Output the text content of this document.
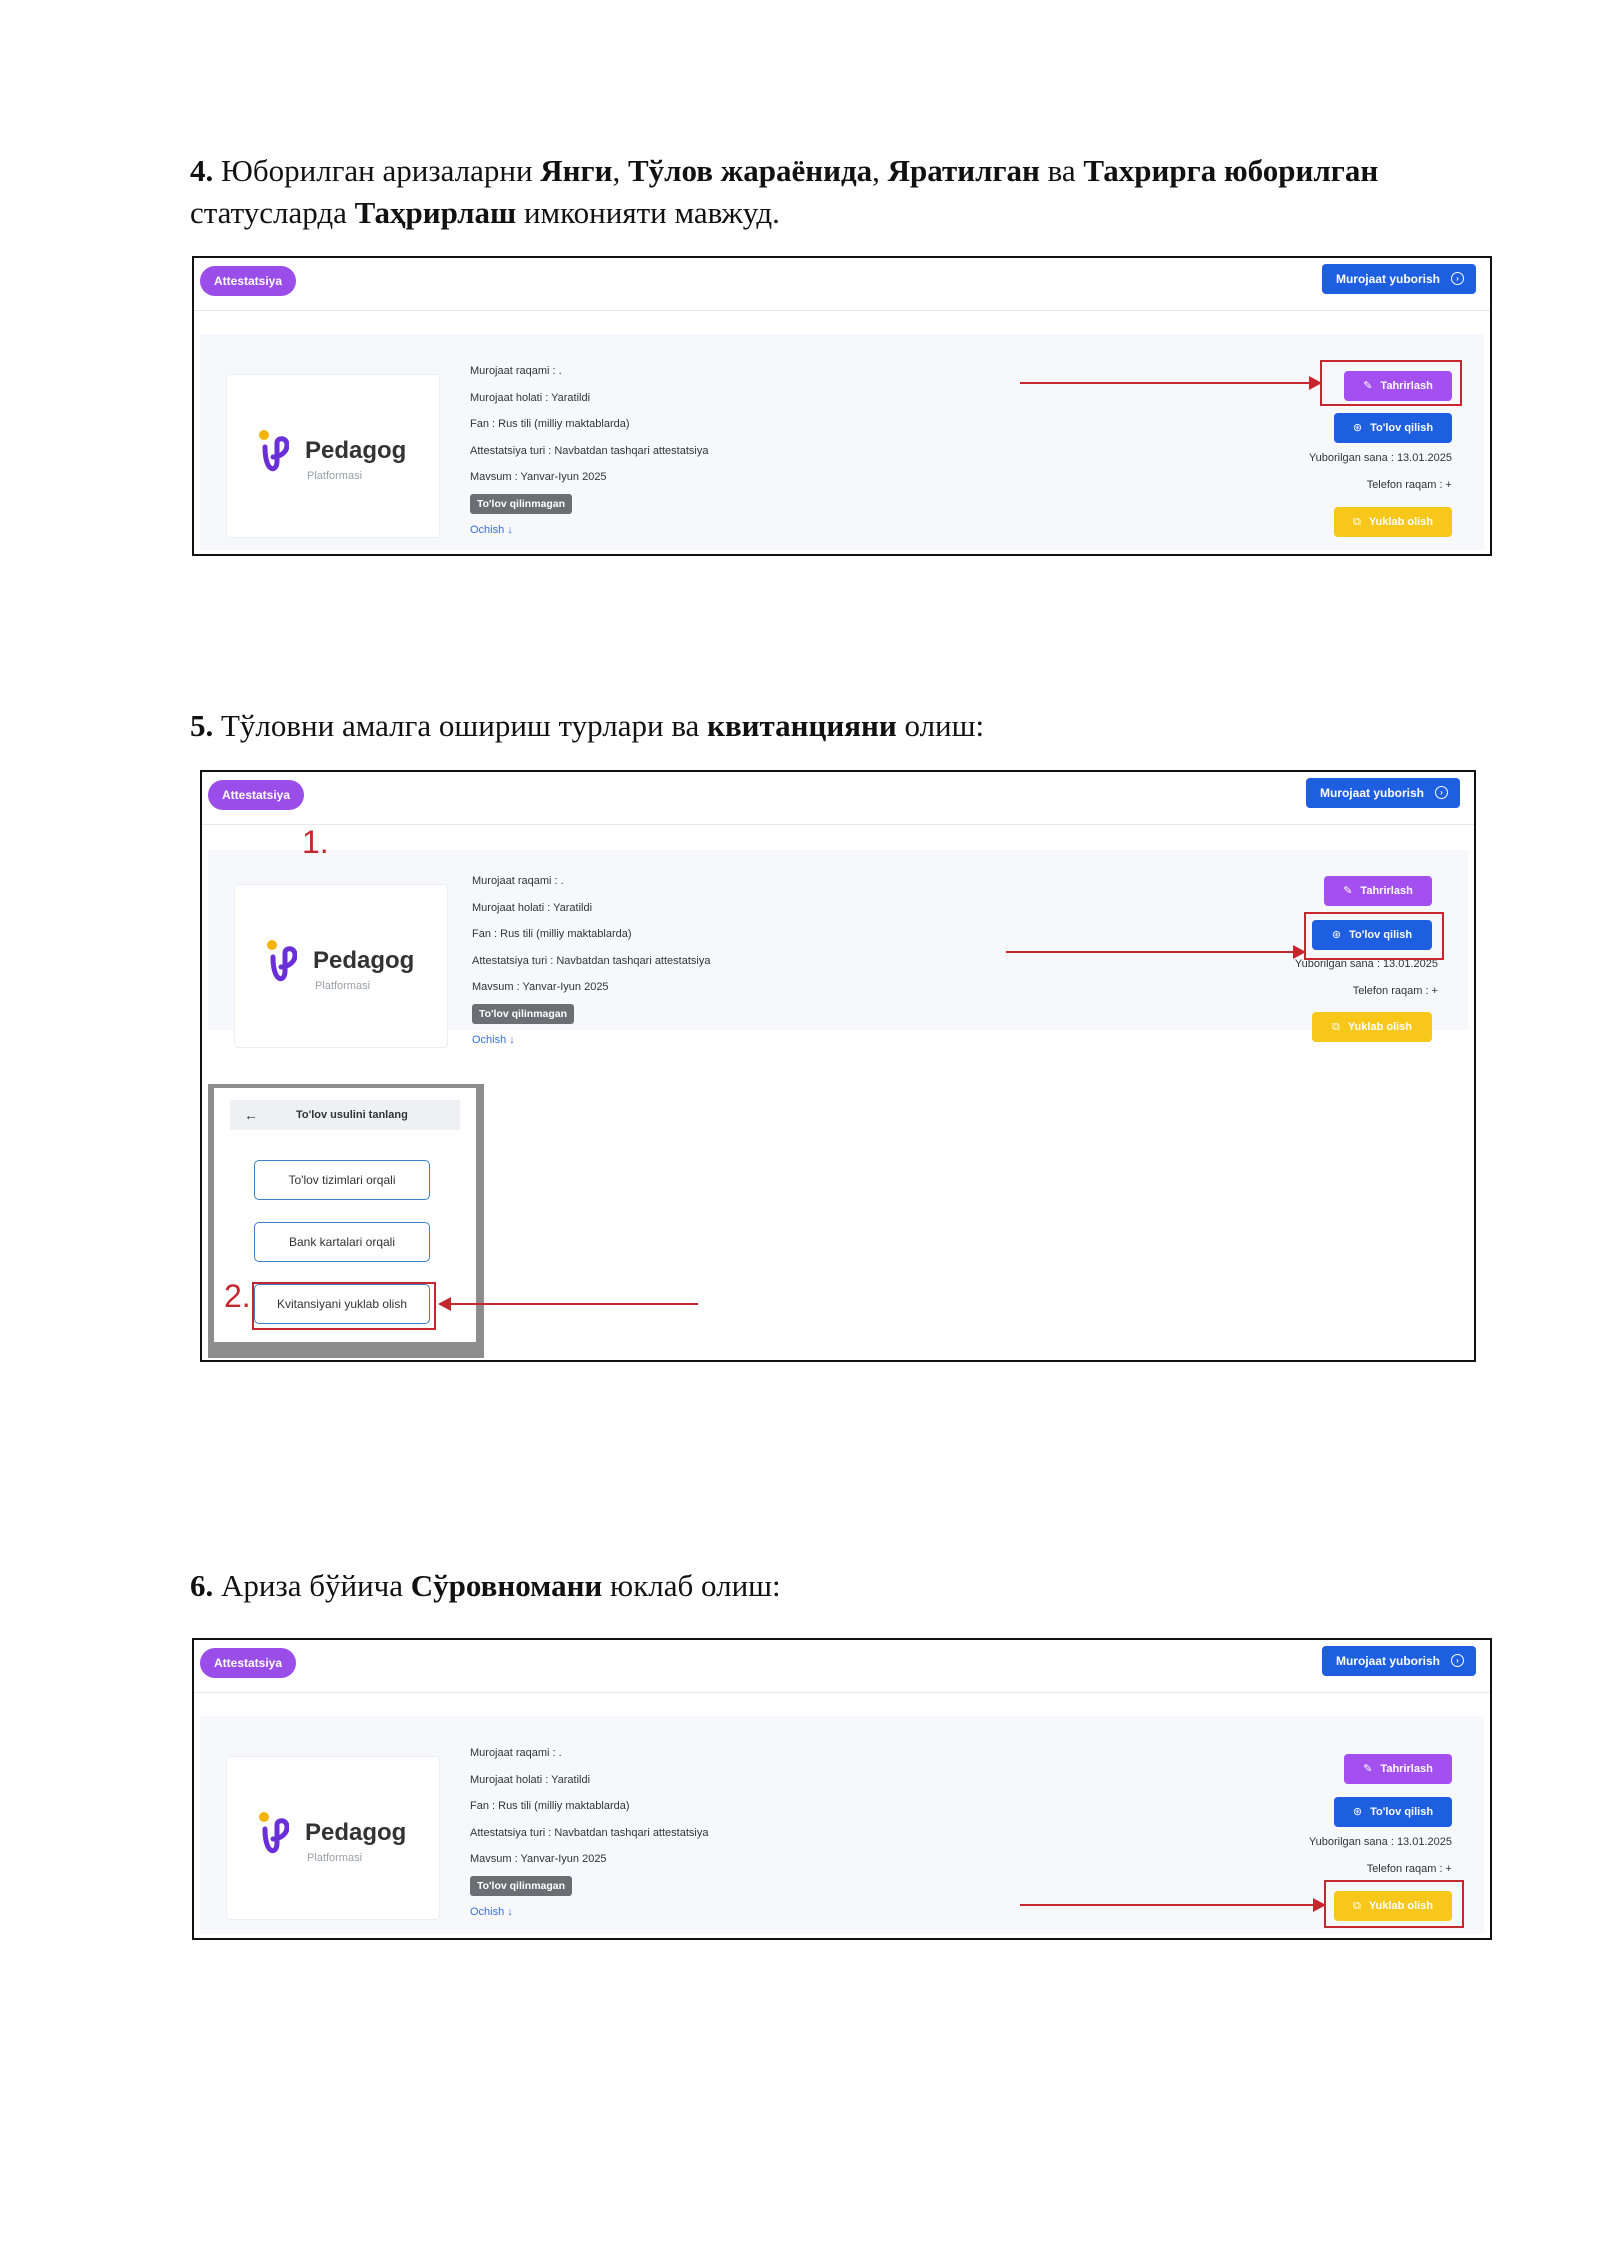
4. Юборилган аризаларни Янги, Тўлов жараёнида, Яратилган ва Тахрирга юборилган статусларда Таҳрирлаш имконияти мавжуд.
Attestatsiya	Murojaat yuborish	›
Pedagog
Platformasi
Murojaat raqami : .
Murojaat holati : Yaratildi
Fan : Rus tili (milliy maktablarda)
Attestatsiya turi : Navbatdan tashqari attestatsiya
Mavsum : Yanvar-Iyun 2025
To'lov qilinmagan
Ochish ↓
✎ Tahrirlash
⊛ To'lov qilish
Yuborilgan sana : 13.01.2025
Telefon raqam : +
⧉ Yuklab olish
5. Тўловни амалга ошириш турлари ва квитанцияни олиш:
Attestatsiya	Murojaat yuborish	›
1.
Pedagog
Platformasi
Murojaat raqami : .
Murojaat holati : Yaratildi
Fan : Rus tili (milliy maktablarda)
Attestatsiya turi : Navbatdan tashqari attestatsiya
Mavsum : Yanvar-Iyun 2025
To'lov qilinmagan
Ochish ↓
✎ Tahrirlash
⊛ To'lov qilish
Yuborilgan sana : 13.01.2025
Telefon raqam : +
⧉ Yuklab olish
←	To'lov usulini tanlang
To'lov tizimlari orqali
Bank kartalari orqali
Kvitansiyani yuklab olish
2.
6. Ариза бўйича Сўровномани юклаб олиш:
Attestatsiya	Murojaat yuborish	›
Pedagog
Platformasi
Murojaat raqami : .
Murojaat holati : Yaratildi
Fan : Rus tili (milliy maktablarda)
Attestatsiya turi : Navbatdan tashqari attestatsiya
Mavsum : Yanvar-Iyun 2025
To'lov qilinmagan
Ochish ↓
✎ Tahrirlash
⊛ To'lov qilish
Yuborilgan sana : 13.01.2025
Telefon raqam : +
⧉ Yuklab olish
